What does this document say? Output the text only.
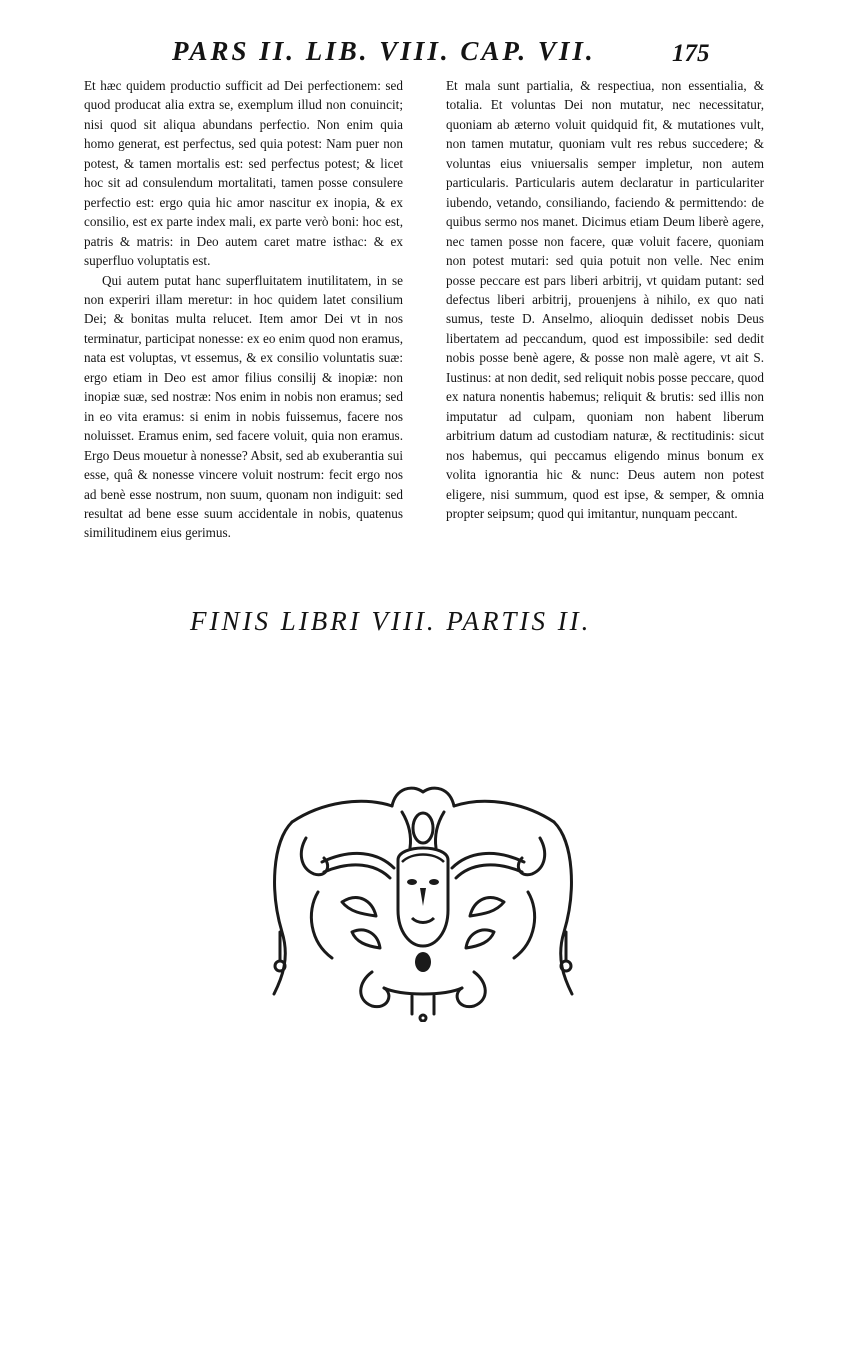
PARS II. LIB. VIII. CAP. VII.	175

Et hæc quidem productio sufficit ad Dei perfectionem: sed quod producat alia extra se, exemplum illud non conuincit; nisi quod sit aliqua abundans perfectio. Non enim quia homo generat, est perfectus, sed quia potest: Nam puer non potest, & tamen mortalis est: sed perfectus potest; & licet hoc sit ad consulendum mortalitati, tamen posse consulere perfectio est: ergo quia hic amor nascitur ex inopia, & ex consilio, est ex parte index mali, ex parte verò boni: hoc est, patris & matris: in Deo autem caret matre isthac: & ex superfluo voluptatis est.

Qui autem putat hanc superfluitatem inutilitatem, in se non experiri illam meretur: in hoc quidem latet consilium Dei; & bonitas multa relucet. Item amor Dei vt in nos terminatur, participat nonesse: ex eo enim quod non eramus, nata est voluptas, vt essemus, & ex consilio voluntatis suæ: ergo etiam in Deo est amor filius consilij & inopiæ: non inopiæ suæ, sed nostræ: Nos enim in nobis non eramus; sed in eo vita eramus: si enim in nobis fuissemus, facere nos noluisset. Eramus enim, sed facere voluit, quia non eramus. Ergo Deus mouetur à nonesse? Absit, sed ab exuberantia sui esse, quâ & nonesse vincere voluit nostrum: fecit ergo nos ad benè esse nostrum, non suum, quonam non indiguit: sed resultat ad bene esse suum accidentale in nobis, quatenus similitudinem eius gerimus.

Et mala sunt partialia, & respectiua, non essentialia, & totalia. Et voluntas Dei non mutatur, nec necessitatur, quoniam ab æterno voluit quidquid fit, & mutationes vult, non tamen mutatur, quoniam vult res rebus succedere; & voluntas eius vniuersalis semper impletur, non autem particularis. Particularis autem declaratur in particulariter iubendo, vetando, consiliando, faciendo & permittendo: de quibus sermo nos manet. Dicimus etiam Deum liberè agere, nec tamen posse non facere, quæ voluit facere, quoniam non potest mutari: sed quia potuit non velle. Nec enim posse peccare est pars liberi arbitrij, vt quidam putant: sed defectus liberi arbitrij, prouenjens à nihilo, ex quo nati sumus, teste D. Anselmo, alioquin dedisset nobis Deus libertatem ad peccandum, quod est impossibile: sed dedit nobis posse benè agere, & posse non malè agere, vt ait S. Iustinus: at non dedit, sed reliquit nobis posse peccare, quod ex natura nonentis habemus; reliquit & brutis: sed illis non imputatur ad culpam, quoniam non habent liberum arbitrium datum ad custodiam naturæ, & rectitudinis: sicut nos habemus, qui peccamus eligendo minus bonum ex volita ignorantia hic & nunc: Deus autem non potest eligere, nisi summum, quod est ipse, & semper, & omnia propter seipsum; quod qui imitantur, nunquam peccant.

FINIS LIBRI VIII. PARTIS II.
